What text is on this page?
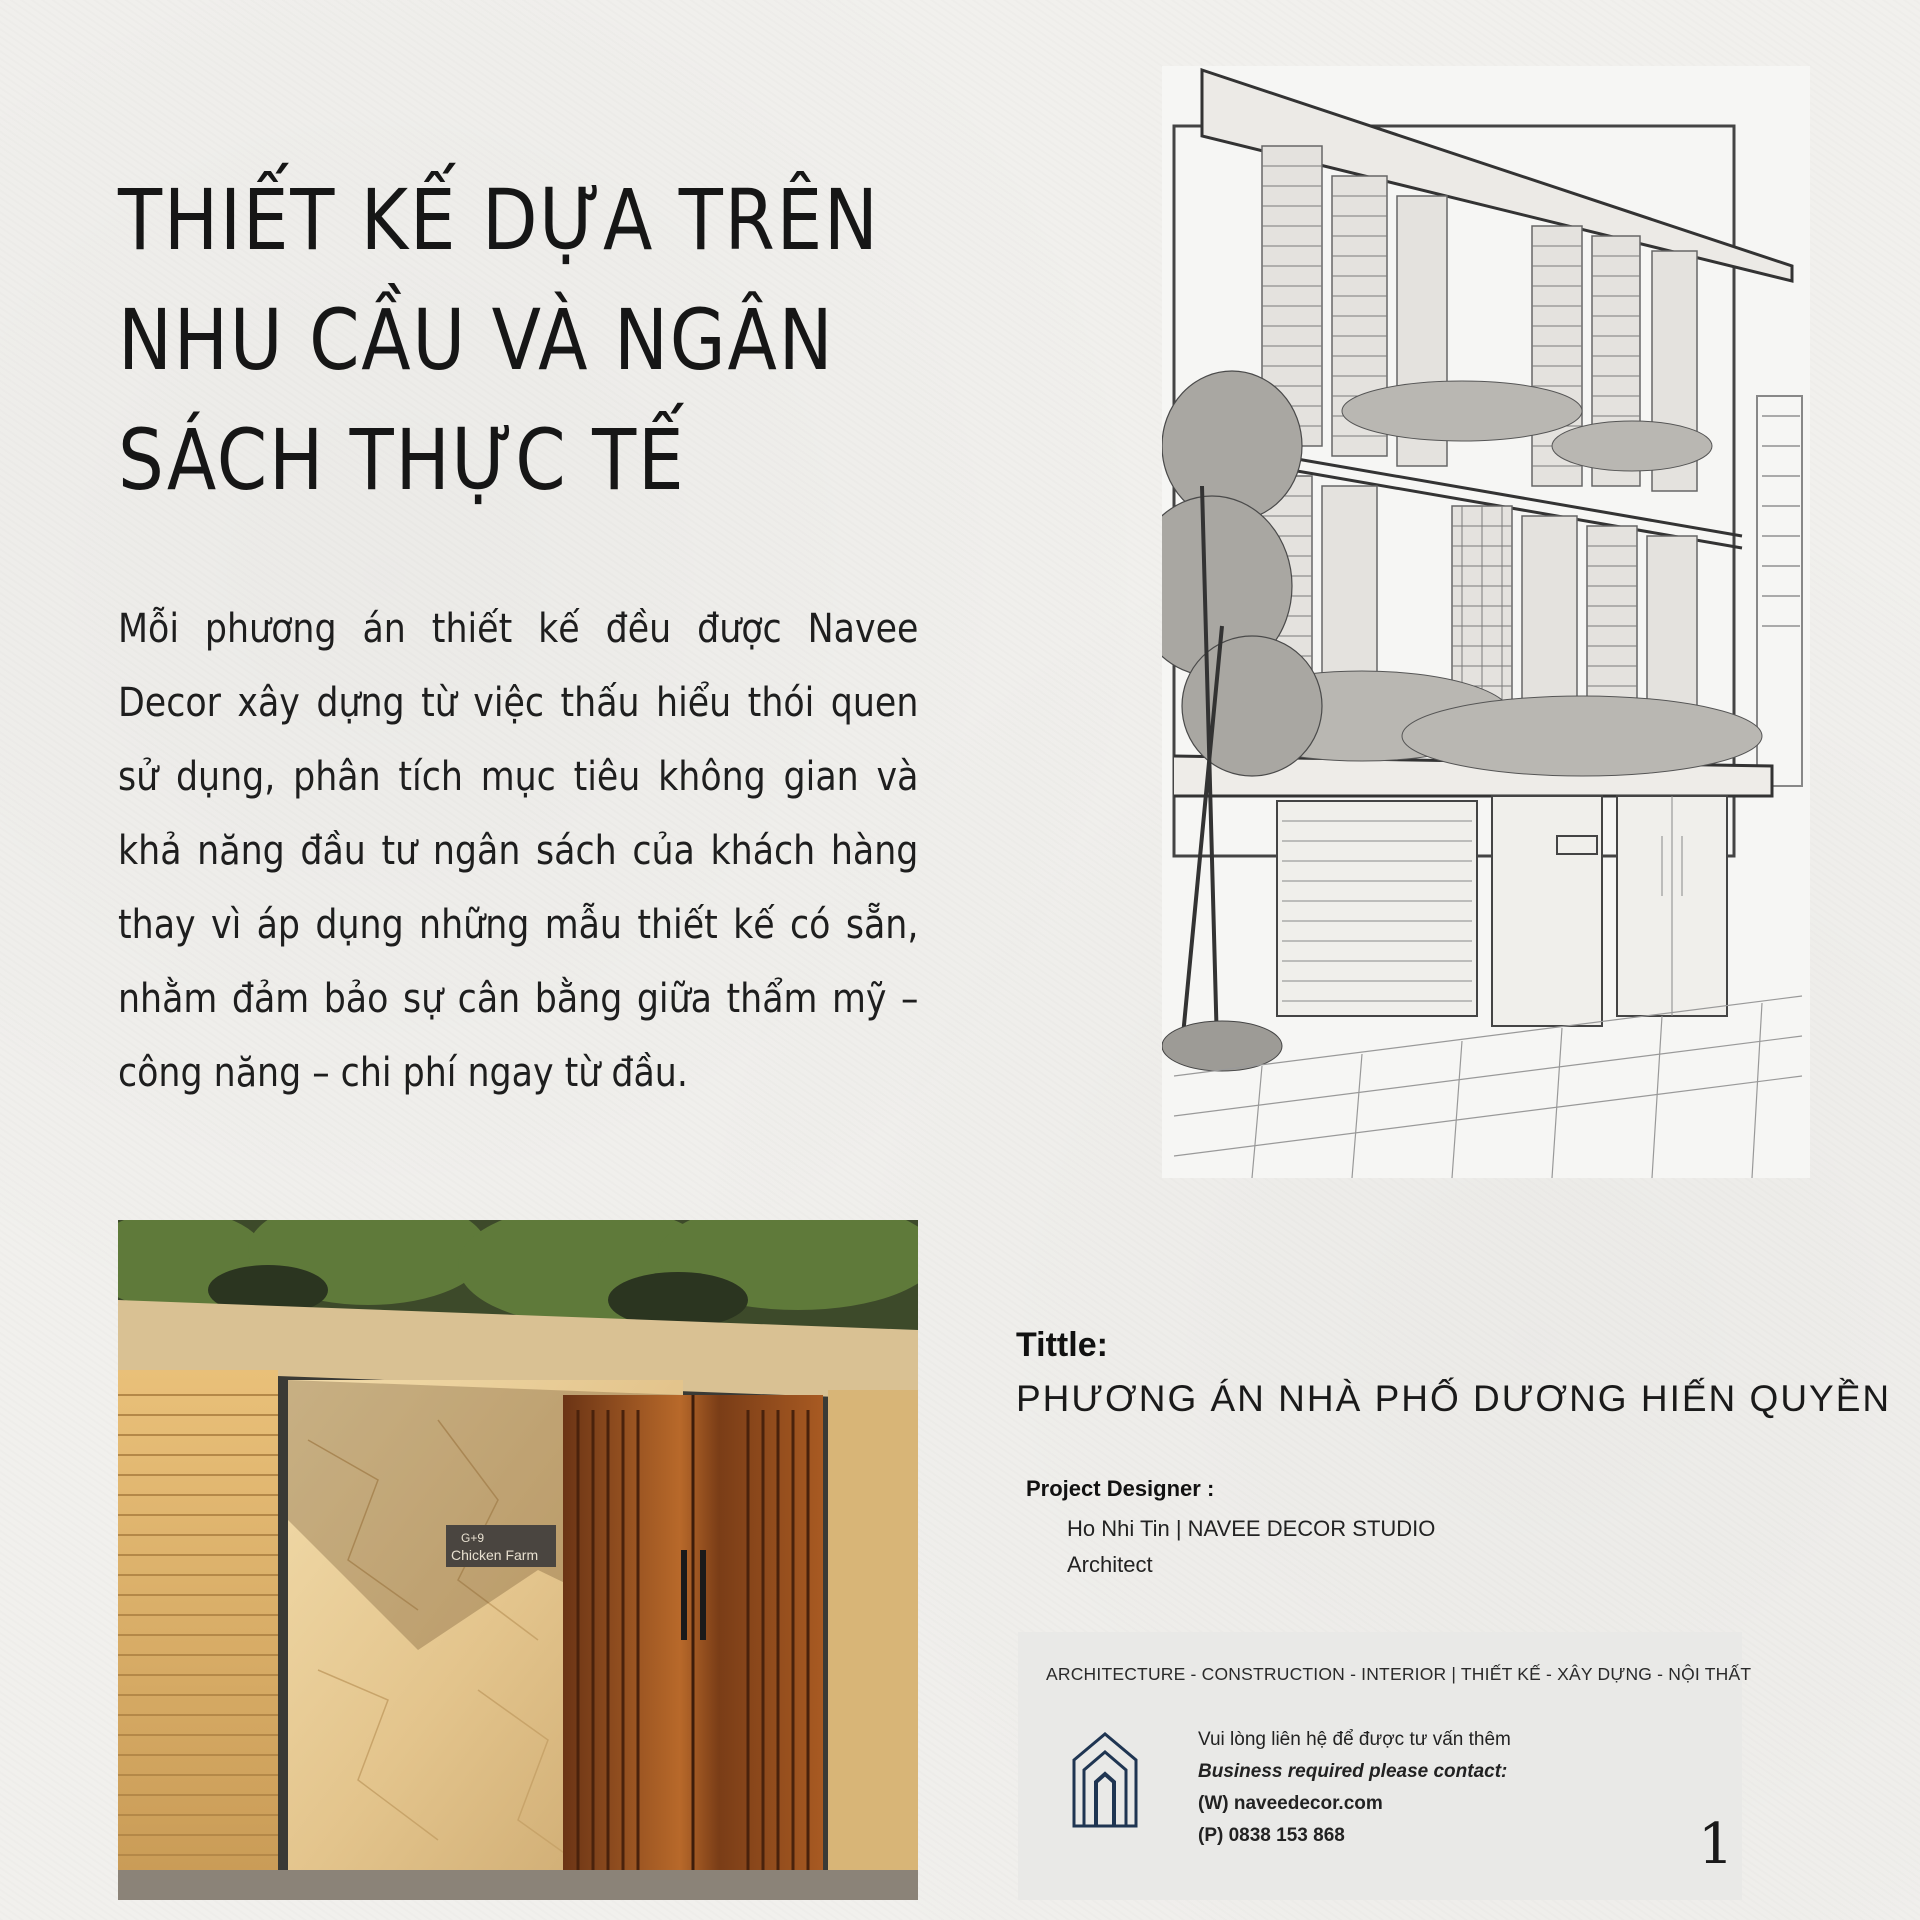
THIẾT KẾ DỰA TRÊN
NHU CẦU VÀ NGÂN
SÁCH THỰC TẾ

Mỗi phương án thiết kế đều được Navee Decor xây dựng từ việc thấu hiểu thói quen sử dụng, phân tích mục tiêu không gian và khả năng đầu tư ngân sách của khách hàng thay vì áp dụng những mẫu thiết kế có sẵn, nhằm đảm bảo sự cân bằng giữa thẩm mỹ – công năng – chi phí ngay từ đầu.

G+9
Chicken Farm

Tittle:

PHƯƠNG ÁN NHÀ PHỐ DƯƠNG HIẾN QUYỀN

Project Designer :
Ho Nhi Tin | NAVEE DECOR STUDIO
Architect
ARCHITECTURE - CONSTRUCTION - INTERIOR | THIẾT KẾ - XÂY DỰNG - NỘI THẤT
Vui lòng liên hệ để được tư vấn thêm
Business required please contact:
(W) naveedecor.com
(P) 0838 153 868	1
